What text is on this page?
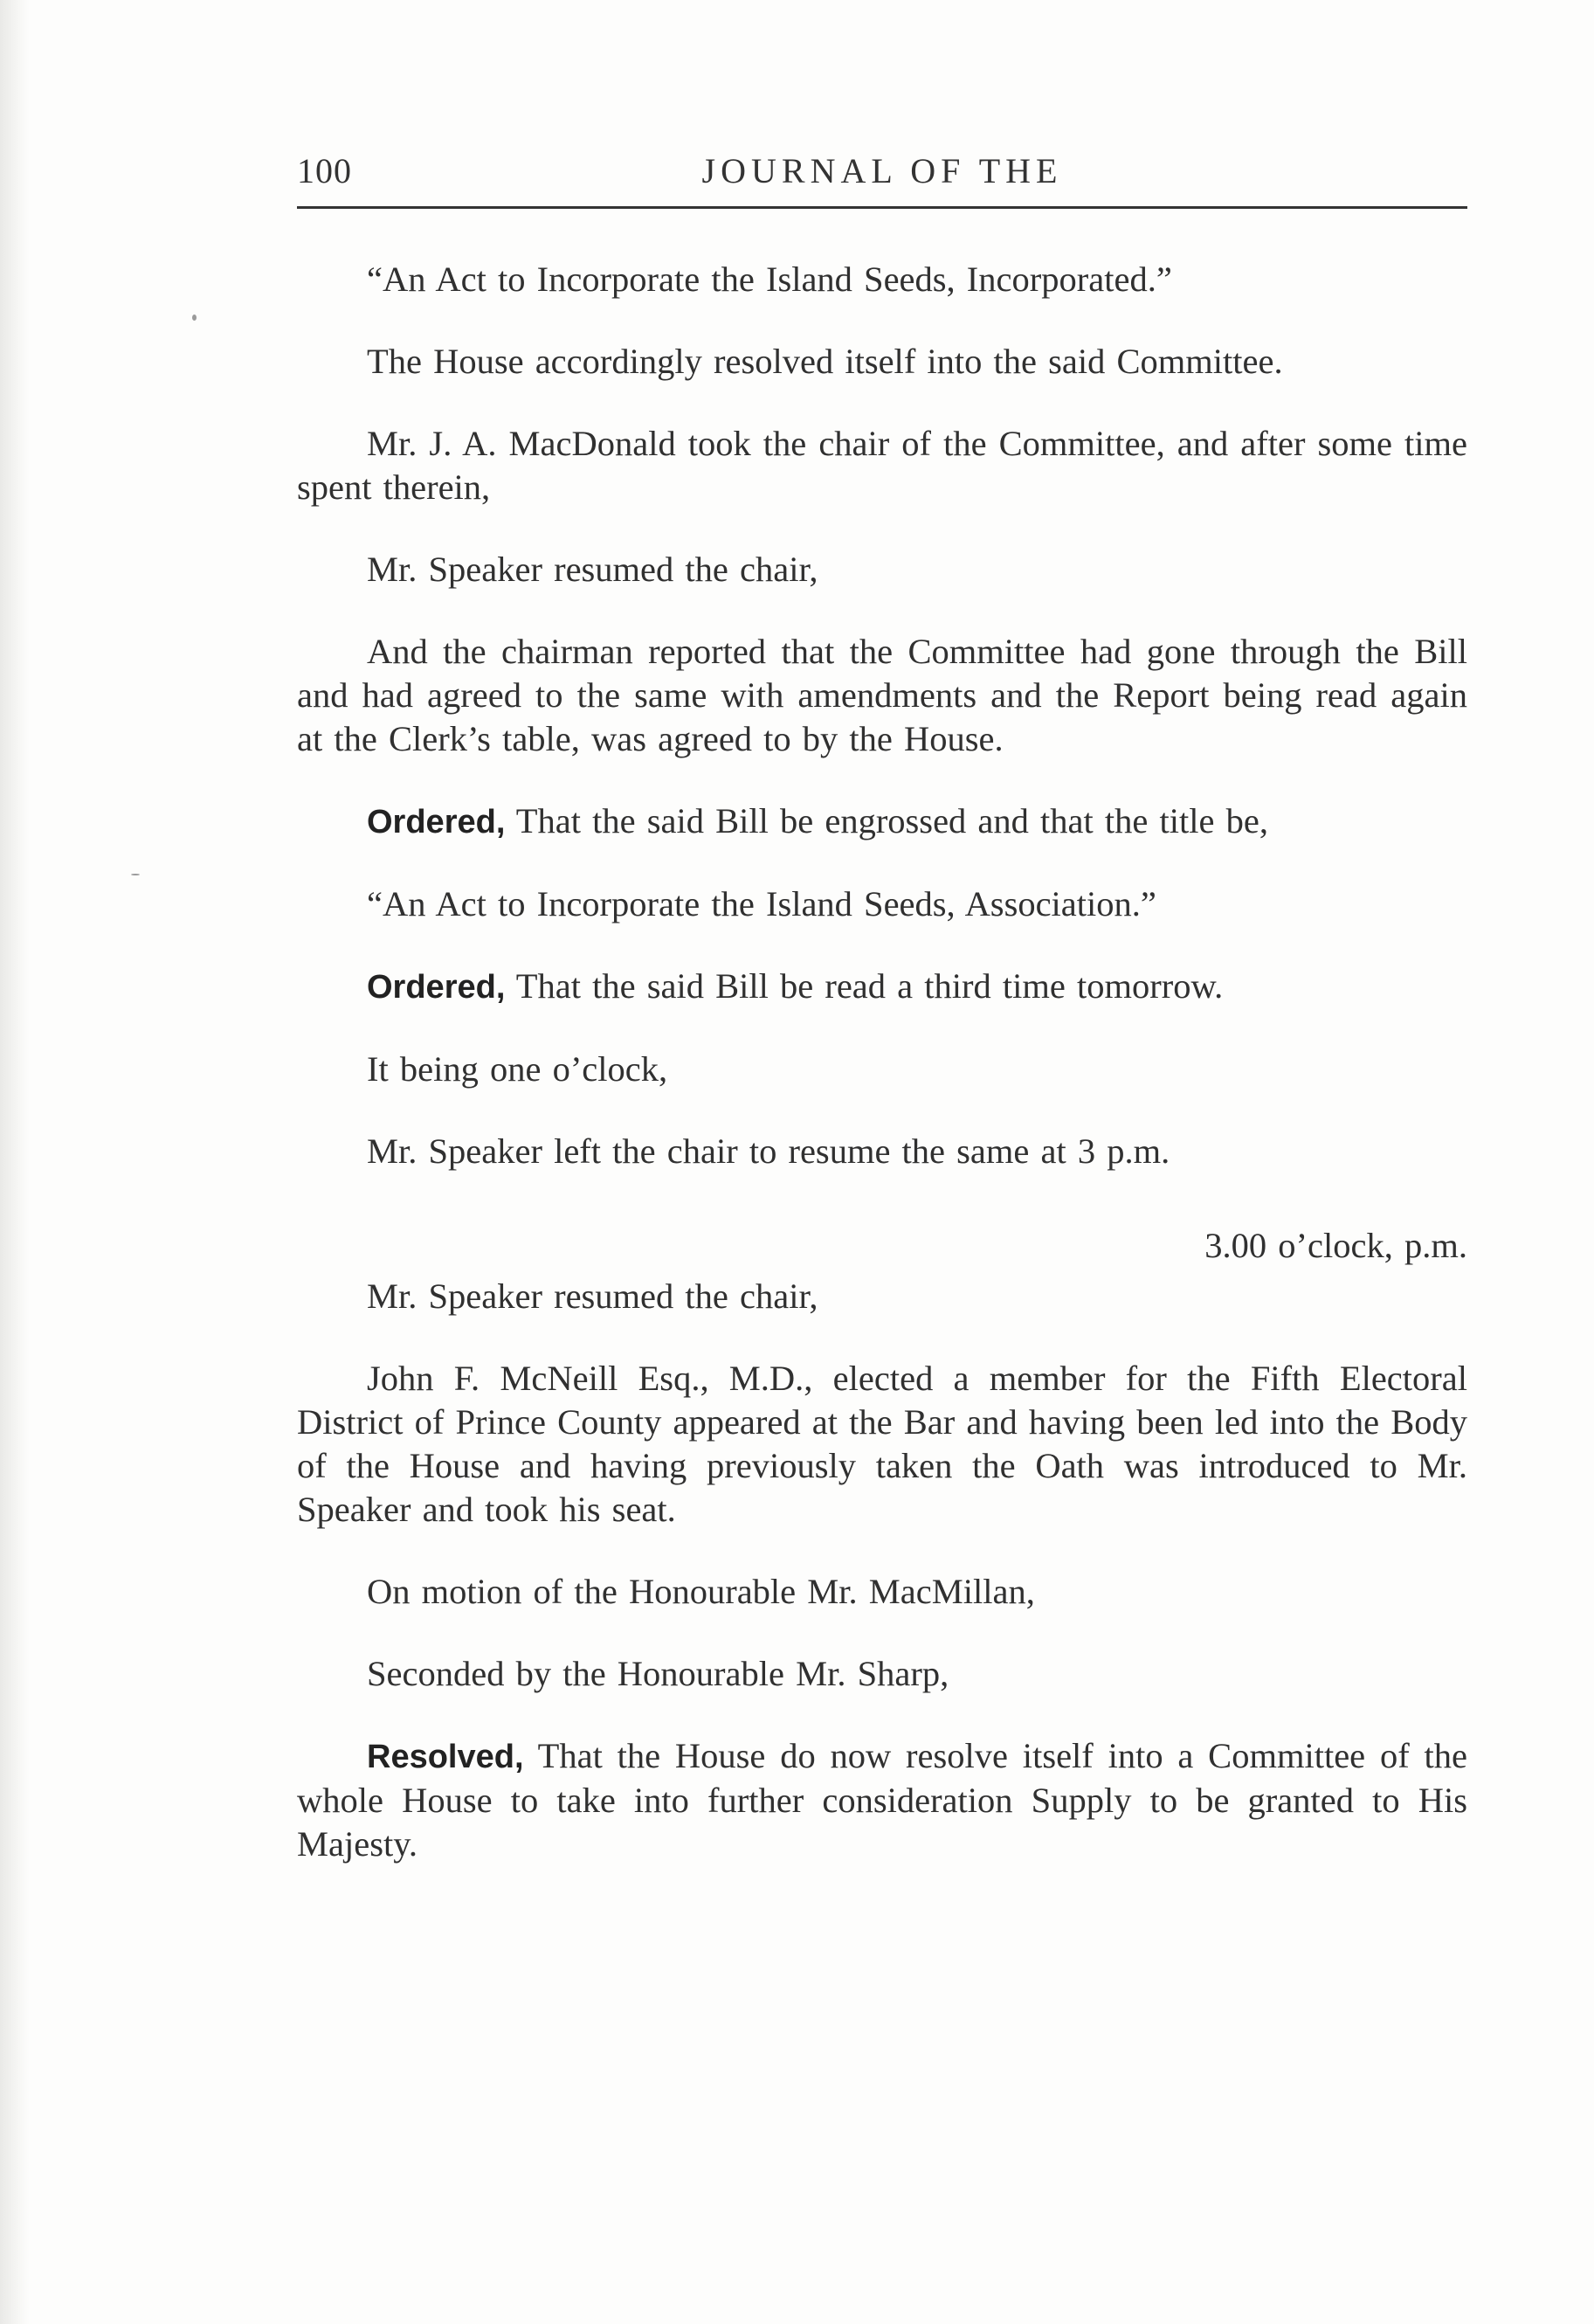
100	JOURNAL OF THE

“An Act to Incorporate the Island Seeds, Incorporated.”

The House accordingly resolved itself into the said Committee.

Mr. J. A. MacDonald took the chair of the Committee, and after some time spent therein,

Mr. Speaker resumed the chair,

And the chairman reported that the Committee had gone through the Bill and had agreed to the same with amendments and the Report being read again at the Clerk’s table, was agreed to by the House.

Ordered, That the said Bill be engrossed and that the title be,

“An Act to Incorporate the Island Seeds, Association.”

Ordered, That the said Bill be read a third time tomorrow.

It being one o’clock,

Mr. Speaker left the chair to resume the same at 3 p.m.

3.00 o’clock, p.m.

Mr. Speaker resumed the chair,

John F. McNeill Esq., M.D., elected a member for the Fifth Electoral District of Prince County appeared at the Bar and having been led into the Body of the House and having previously taken the Oath was introduced to Mr. Speaker and took his seat.

On motion of the Honourable Mr. MacMillan,

Seconded by the Honourable Mr. Sharp,

Resolved, That the House do now resolve itself into a Committee of the whole House to take into further consideration Supply to be granted to His Majesty.
